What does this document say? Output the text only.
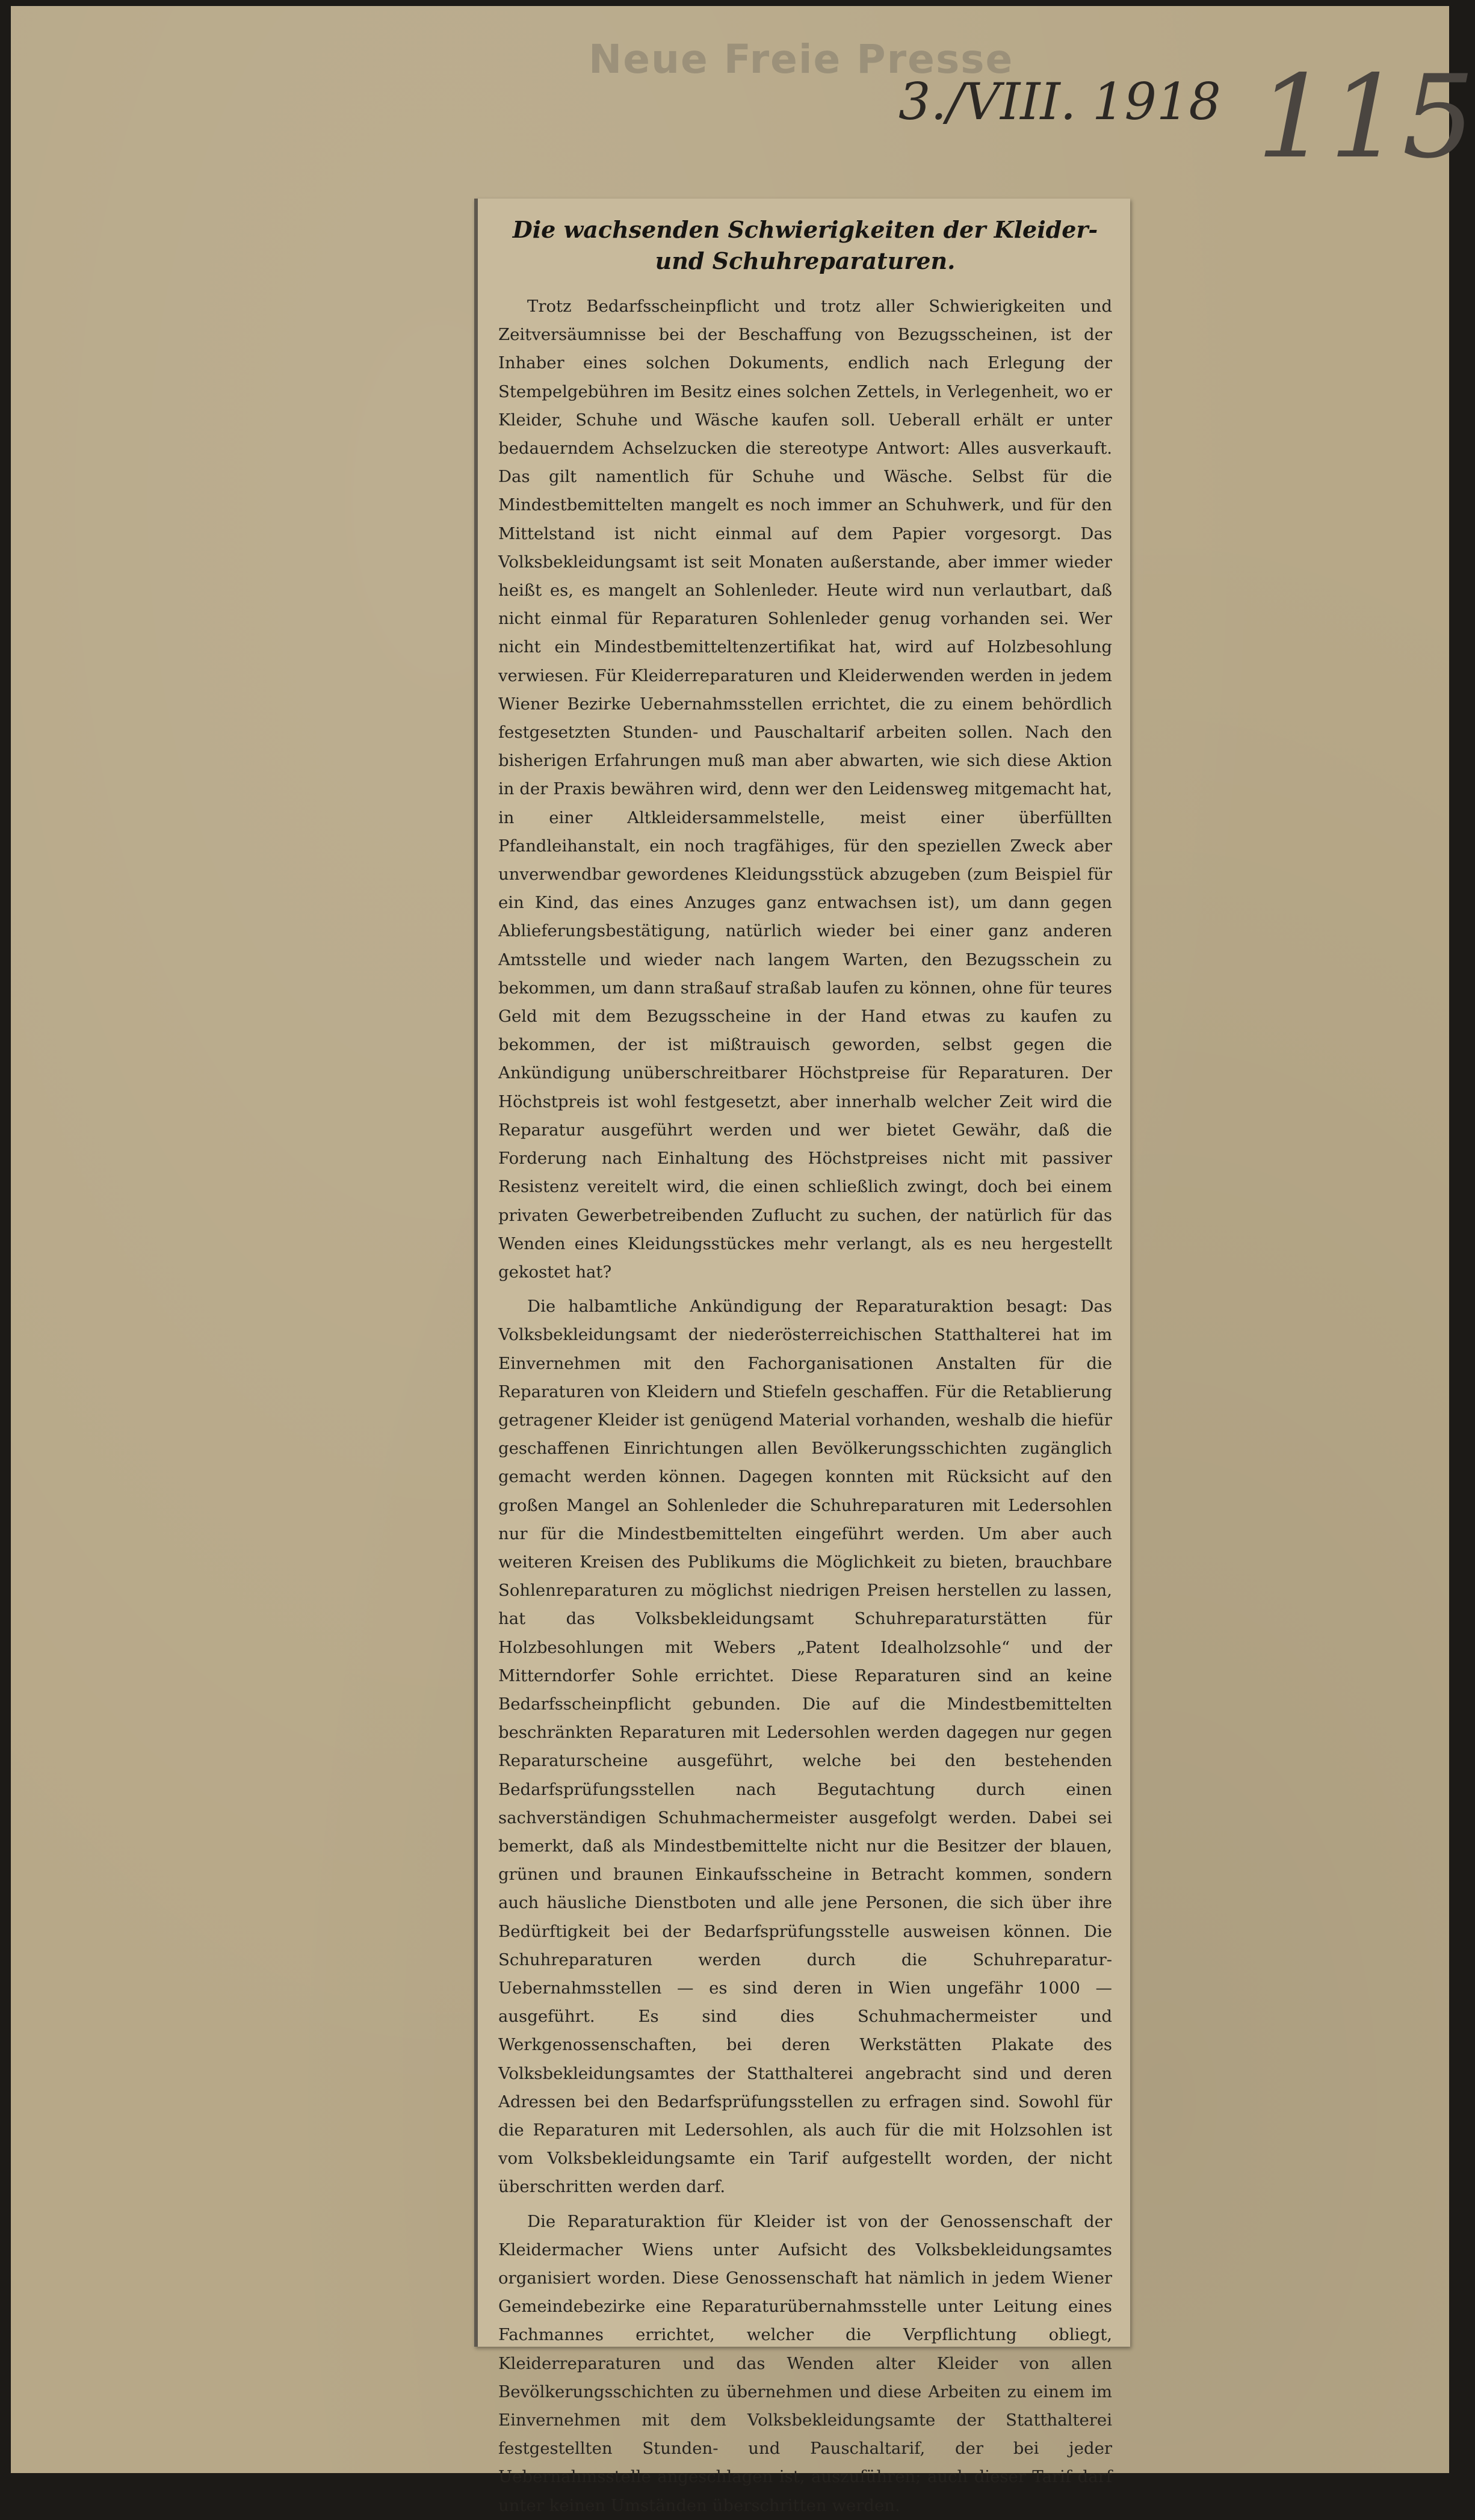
Neue Freie Presse
3./VIII. 1918 115
Die wachsenden Schwierigkeiten der Kleider- und Schuhreparaturen.

Trotz Bedarfsscheinpflicht und trotz aller Schwierigkeiten und Zeitversäumnisse bei der Beschaffung von Bezugsscheinen, ist der Inhaber eines solchen Dokuments, endlich nach Erlegung der Stempelgebühren im Besitz eines solchen Zettels, in Verlegenheit, wo er Kleider, Schuhe und Wäsche kaufen soll. Ueberall erhält er unter bedauerndem Achselzucken die stereotype Antwort: Alles ausverkauft. Das gilt namentlich für Schuhe und Wäsche. Selbst für die Mindestbemittelten mangelt es noch immer an Schuhwerk, und für den Mittelstand ist nicht einmal auf dem Papier vorgesorgt. Das Volksbekleidungsamt ist seit Monaten außerstande, aber immer wieder heißt es, es mangelt an Sohlenleder. Heute wird nun verlautbart, daß nicht einmal für Reparaturen Sohlenleder genug vorhanden sei. Wer nicht ein Mindestbemitteltenzertifikat hat, wird auf Holzbesohlung verwiesen. Für Kleiderreparaturen und Kleiderwenden werden in jedem Wiener Bezirke Uebernahmsstellen errichtet, die zu einem behördlich festgesetzten Stunden- und Pauschaltarif arbeiten sollen. Nach den bisherigen Erfahrungen muß man aber abwarten, wie sich diese Aktion in der Praxis bewähren wird, denn wer den Leidensweg mitgemacht hat, in einer Altkleidersammelstelle, meist einer überfüllten Pfandleihanstalt, ein noch tragfähiges, für den speziellen Zweck aber unverwendbar gewordenes Kleidungsstück abzugeben (zum Beispiel für ein Kind, das eines Anzuges ganz entwachsen ist), um dann gegen Ablieferungsbestätigung, natürlich wieder bei einer ganz anderen Amtsstelle und wieder nach langem Warten, den Bezugsschein zu bekommen, um dann straßauf straßab laufen zu können, ohne für teures Geld mit dem Bezugsscheine in der Hand etwas zu kaufen zu bekommen, der ist mißtrauisch geworden, selbst gegen die Ankündigung unüberschreitbarer Höchstpreise für Reparaturen. Der Höchstpreis ist wohl festgesetzt, aber innerhalb welcher Zeit wird die Reparatur ausgeführt werden und wer bietet Gewähr, daß die Forderung nach Einhaltung des Höchstpreises nicht mit passiver Resistenz vereitelt wird, die einen schließlich zwingt, doch bei einem privaten Gewerbetreibenden Zuflucht zu suchen, der natürlich für das Wenden eines Kleidungsstückes mehr verlangt, als es neu hergestellt gekostet hat?

Die halbamtliche Ankündigung der Reparaturaktion besagt: Das Volksbekleidungsamt der niederösterreichischen Statthalterei hat im Einvernehmen mit den Fachorganisationen Anstalten für die Reparaturen von Kleidern und Stiefeln geschaffen. Für die Retablierung getragener Kleider ist genügend Material vorhanden, weshalb die hiefür geschaffenen Einrichtungen allen Bevölkerungsschichten zugänglich gemacht werden können. Dagegen konnten mit Rücksicht auf den großen Mangel an Sohlenleder die Schuhreparaturen mit Ledersohlen nur für die Mindestbemittelten eingeführt werden. Um aber auch weiteren Kreisen des Publikums die Möglichkeit zu bieten, brauchbare Sohlenreparaturen zu möglichst niedrigen Preisen herstellen zu lassen, hat das Volksbekleidungsamt Schuhreparaturstätten für Holzbesohlungen mit Webers „Patent Idealholzsohle“ und der Mitterndorfer Sohle errichtet. Diese Reparaturen sind an keine Bedarfsscheinpflicht gebunden. Die auf die Mindestbemittelten beschränkten Reparaturen mit Ledersohlen werden dagegen nur gegen Reparaturscheine ausgeführt, welche bei den bestehenden Bedarfsprüfungsstellen nach Begutachtung durch einen sachverständigen Schuhmachermeister ausgefolgt werden. Dabei sei bemerkt, daß als Mindestbemittelte nicht nur die Besitzer der blauen, grünen und braunen Einkaufsscheine in Betracht kommen, sondern auch häusliche Dienstboten und alle jene Personen, die sich über ihre Bedürftigkeit bei der Bedarfsprüfungsstelle ausweisen können. Die Schuhreparaturen werden durch die Schuhreparatur-Uebernahmsstellen — es sind deren in Wien ungefähr 1000 — ausgeführt. Es sind dies Schuhmachermeister und Werkgenossenschaften, bei deren Werkstätten Plakate des Volksbekleidungsamtes der Statthalterei angebracht sind und deren Adressen bei den Bedarfsprüfungsstellen zu erfragen sind. Sowohl für die Reparaturen mit Ledersohlen, als auch für die mit Holzsohlen ist vom Volksbekleidungsamte ein Tarif aufgestellt worden, der nicht überschritten werden darf.

Die Reparaturaktion für Kleider ist von der Genossenschaft der Kleidermacher Wiens unter Aufsicht des Volksbekleidungsamtes organisiert worden. Diese Genossenschaft hat nämlich in jedem Wiener Gemeindebezirke eine Reparaturübernahmsstelle unter Leitung eines Fachmannes errichtet, welcher die Verpflichtung obliegt, Kleiderreparaturen und das Wenden alter Kleider von allen Bevölkerungsschichten zu übernehmen und diese Arbeiten zu einem im Einvernehmen mit dem Volksbekleidungsamte der Statthalterei festgestellten Stunden- und Pauschaltarif, der bei jeder Uebernahmsstelle angeschlagen ist, auszuführen; auch dieser Tarif darf unter keinen Umständen überschritten werden.
